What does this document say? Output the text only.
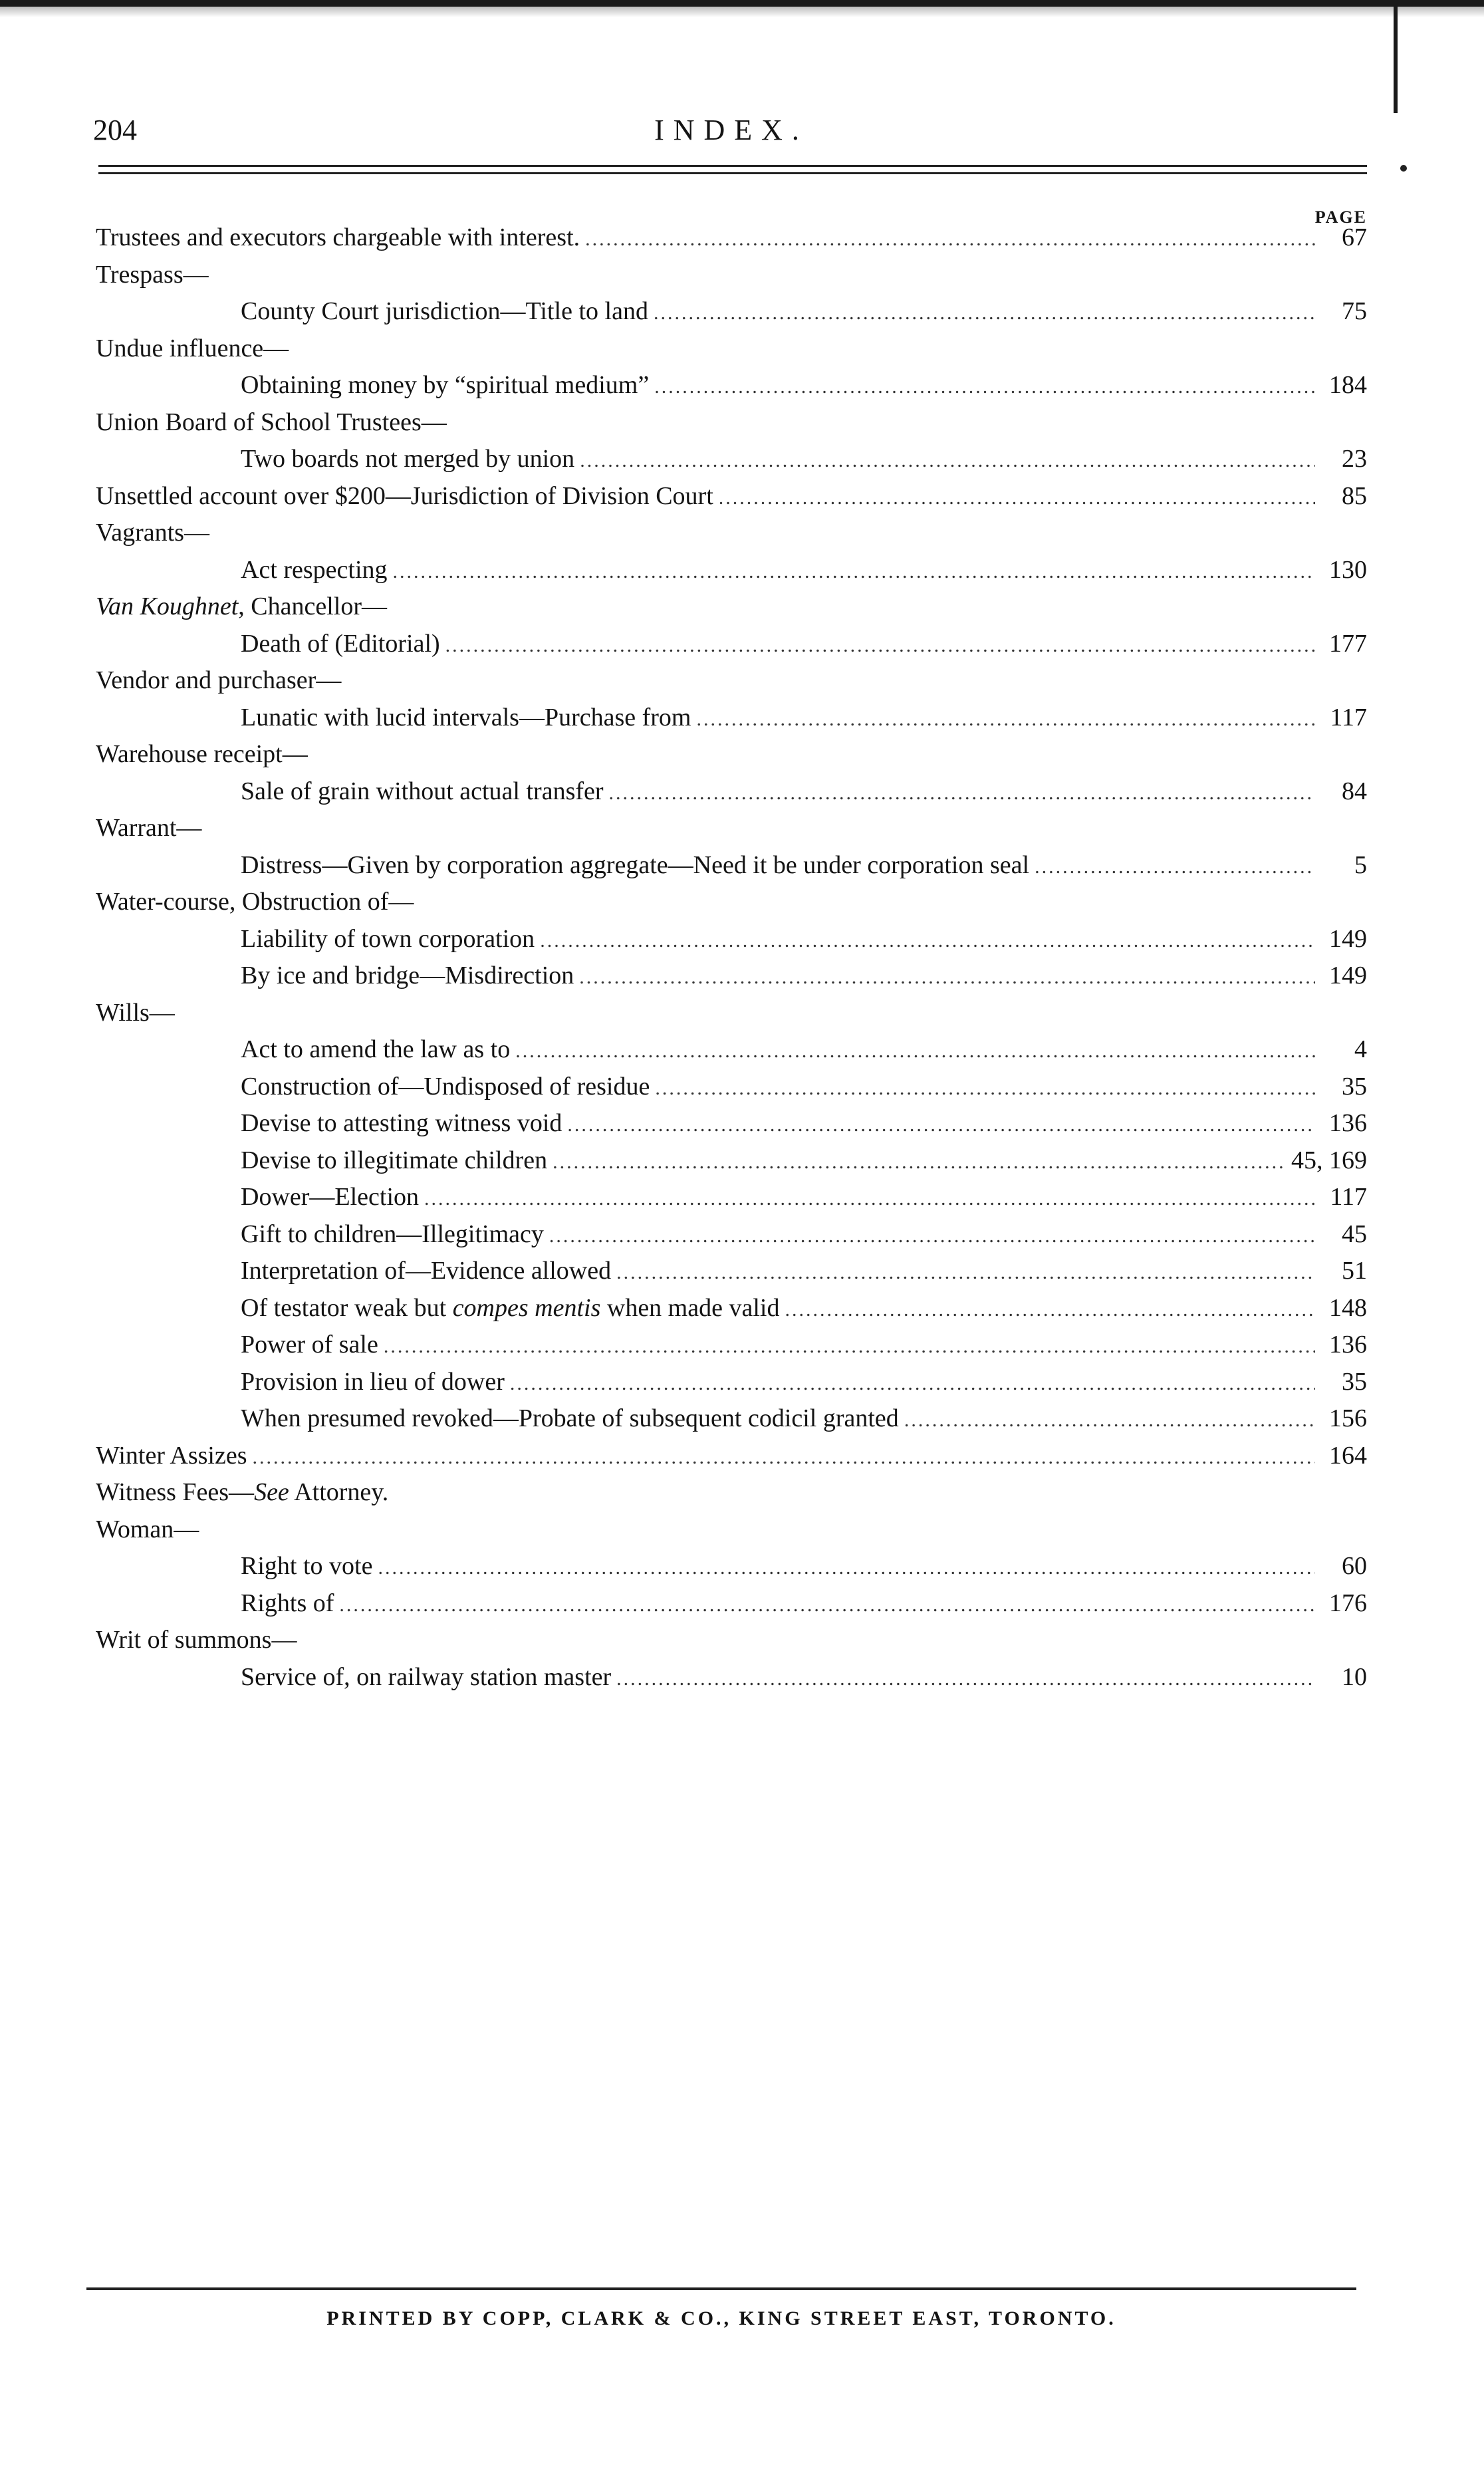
204	INDEX.
PAGE
Trustees and executors chargeable with interest. .....	67
Trespass—
County Court jurisdiction—Title to land .....	75
Undue influence—
Obtaining money by “spiritual medium” .....	184
Union Board of School Trustees—
Two boards not merged by union .....	23
Unsettled account over $200—Jurisdiction of Division Court .....	85
Vagrants—
Act respecting .....	130
Van Koughnet, Chancellor—
Death of (Editorial) .....	177
Vendor and purchaser—
Lunatic with lucid intervals—Purchase from .....	117
Warehouse receipt—
Sale of grain without actual transfer .....	84
Warrant—
Distress—Given by corporation aggregate—Need it be under corporation seal .....	5
Water-course, Obstruction of—
Liability of town corporation .....	149
By ice and bridge—Misdirection .....	149
Wills—
Act to amend the law as to .....	4
Construction of—Undisposed of residue .....	35
Devise to attesting witness void .....	136
Devise to illegitimate children .....	45, 169
Dower—Election .....	117
Gift to children—Illegitimacy .....	45
Interpretation of—Evidence allowed .....	51
Of testator weak but compes mentis when made valid .....	148
Power of sale .....	136
Provision in lieu of dower .....	35
When presumed revoked—Probate of subsequent codicil granted .....	156
Winter Assizes .....	164
Witness Fees—See Attorney.
Woman—
Right to vote .....	60
Rights of .....	176
Writ of summons—
Service of, on railway station master .....	10
PRINTED BY COPP, CLARK & CO., KING STREET EAST, TORONTO.
